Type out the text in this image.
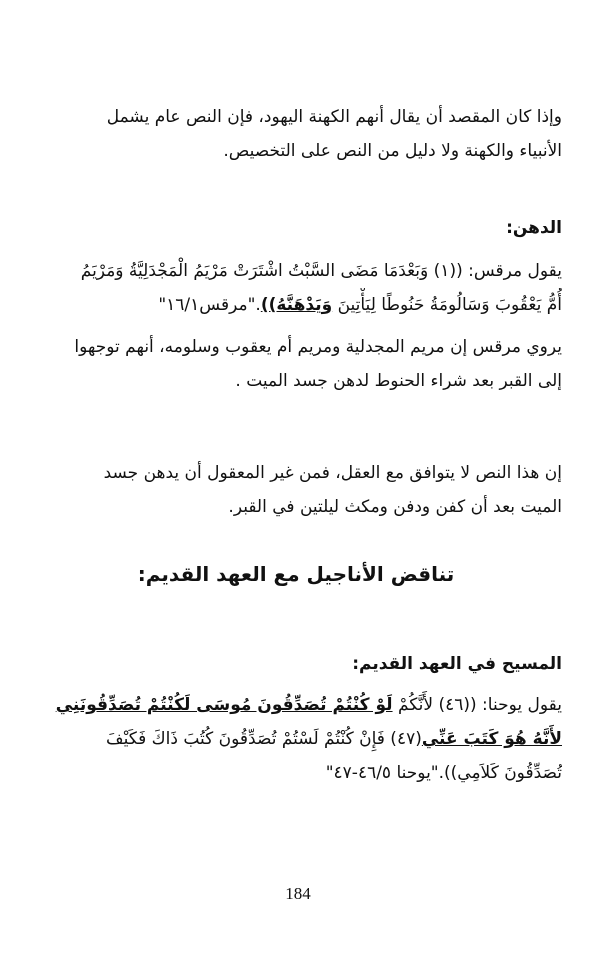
وإذا كان المقصد أن يقال أنهم الكهنة اليهود، فإن النص عام يشمل
الأنبياء والكهنة ولا دليل من النص على التخصيص.
الدهن:
يقول مرقس: ((١) وَبَعْدَمَا مَضَى السَّبْتُ اشْتَرَتْ مَرْيَمُ الْمَجْدَلِيَّةُ وَمَرْيَمُ
أُمُّ يَعْقُوبَ وَسَالُومَةُ حَنُوطًا لِيَأْتِينَ وَيَدْهَنَّهُ))."مرقس١٦/١"
يروي مرقس إن مريم المجدلية ومريم أم يعقوب وسلومه، أنهم توجهوا
إلى القبر بعد شراء الحنوط لدهن جسد الميت .
إن هذا النص لا يتوافق مع العقل، فمن غير المعقول أن يدهن جسد
الميت بعد أن كفن ودفن ومكث ليلتين في القبر.
تناقض الأناجيل مع العهد القديم:
المسيح في العهد القديم:
يقول يوحنا: ((٤٦) لأَنَّكُمْ لَوْ كُنْتُمْ تُصَدِّقُونَ مُوسَى لَكُنْتُمْ تُصَدِّقُونَنِي
لأَنَّهُ هُوَ كَتَبَ عَنِّي(٤٧) فَإِنْ كُنْتُمْ لَسْتُمْ تُصَدِّقُونَ كُتُبَ ذَاكَ فَكَيْفَ
تُصَدِّقُونَ كَلاَمِي))."يوحنا ٤٦/٥-٤٧"
184
